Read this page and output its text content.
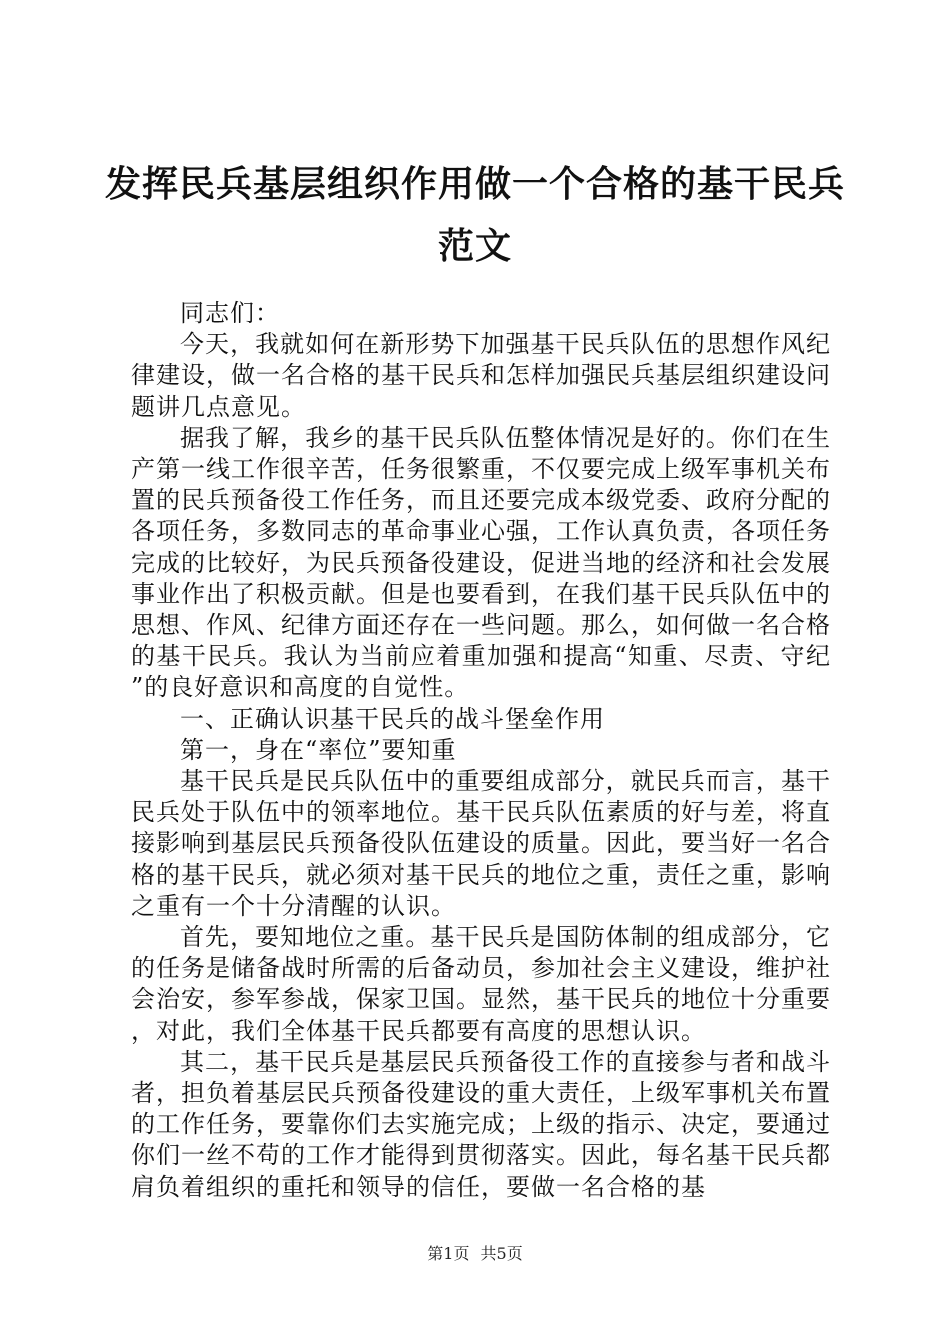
发挥民兵基层组织作用做一个合格的基干民兵
范文

同志们：

今天，我就如何在新形势下加强基干民兵队伍的思想作风纪律建设，做一名合格的基干民兵和怎样加强民兵基层组织建设问题讲几点意见。

据我了解，我乡的基干民兵队伍整体情况是好的。你们在生产第一线工作很辛苦，任务很繁重，不仅要完成上级军事机关布置的民兵预备役工作任务，而且还要完成本级党委、政府分配的各项任务，多数同志的革命事业心强，工作认真负责，各项任务完成的比较好，为民兵预备役建设，促进当地的经济和社会发展事业作出了积极贡献。但是也要看到，在我们基干民兵队伍中的思想、作风、纪律方面还存在一些问题。那么，如何做一名合格的基干民兵。我认为当前应着重加强和提高“知重、尽责、守纪”的良好意识和高度的自觉性。

一、正确认识基干民兵的战斗堡垒作用

第一，身在“率位”要知重

基干民兵是民兵队伍中的重要组成部分，就民兵而言，基干民兵处于队伍中的领率地位。基干民兵队伍素质的好与差，将直接影响到基层民兵预备役队伍建设的质量。因此，要当好一名合格的基干民兵，就必须对基干民兵的地位之重，责任之重，影响之重有一个十分清醒的认识。

首先，要知地位之重。基干民兵是国防体制的组成部分，它的任务是储备战时所需的后备动员，参加社会主义建设，维护社会治安，参军参战，保家卫国。显然，基干民兵的地位十分重要，对此，我们全体基干民兵都要有高度的思想认识。

其二，基干民兵是基层民兵预备役工作的直接参与者和战斗者，担负着基层民兵预备役建设的重大责任，上级军事机关布置的工作任务，要靠你们去实施完成；上级的指示、决定，要通过你们一丝不苟的工作才能得到贯彻落实。因此，每名基干民兵都肩负着组织的重托和领导的信任，要做一名合格的基

第1页 共5页
